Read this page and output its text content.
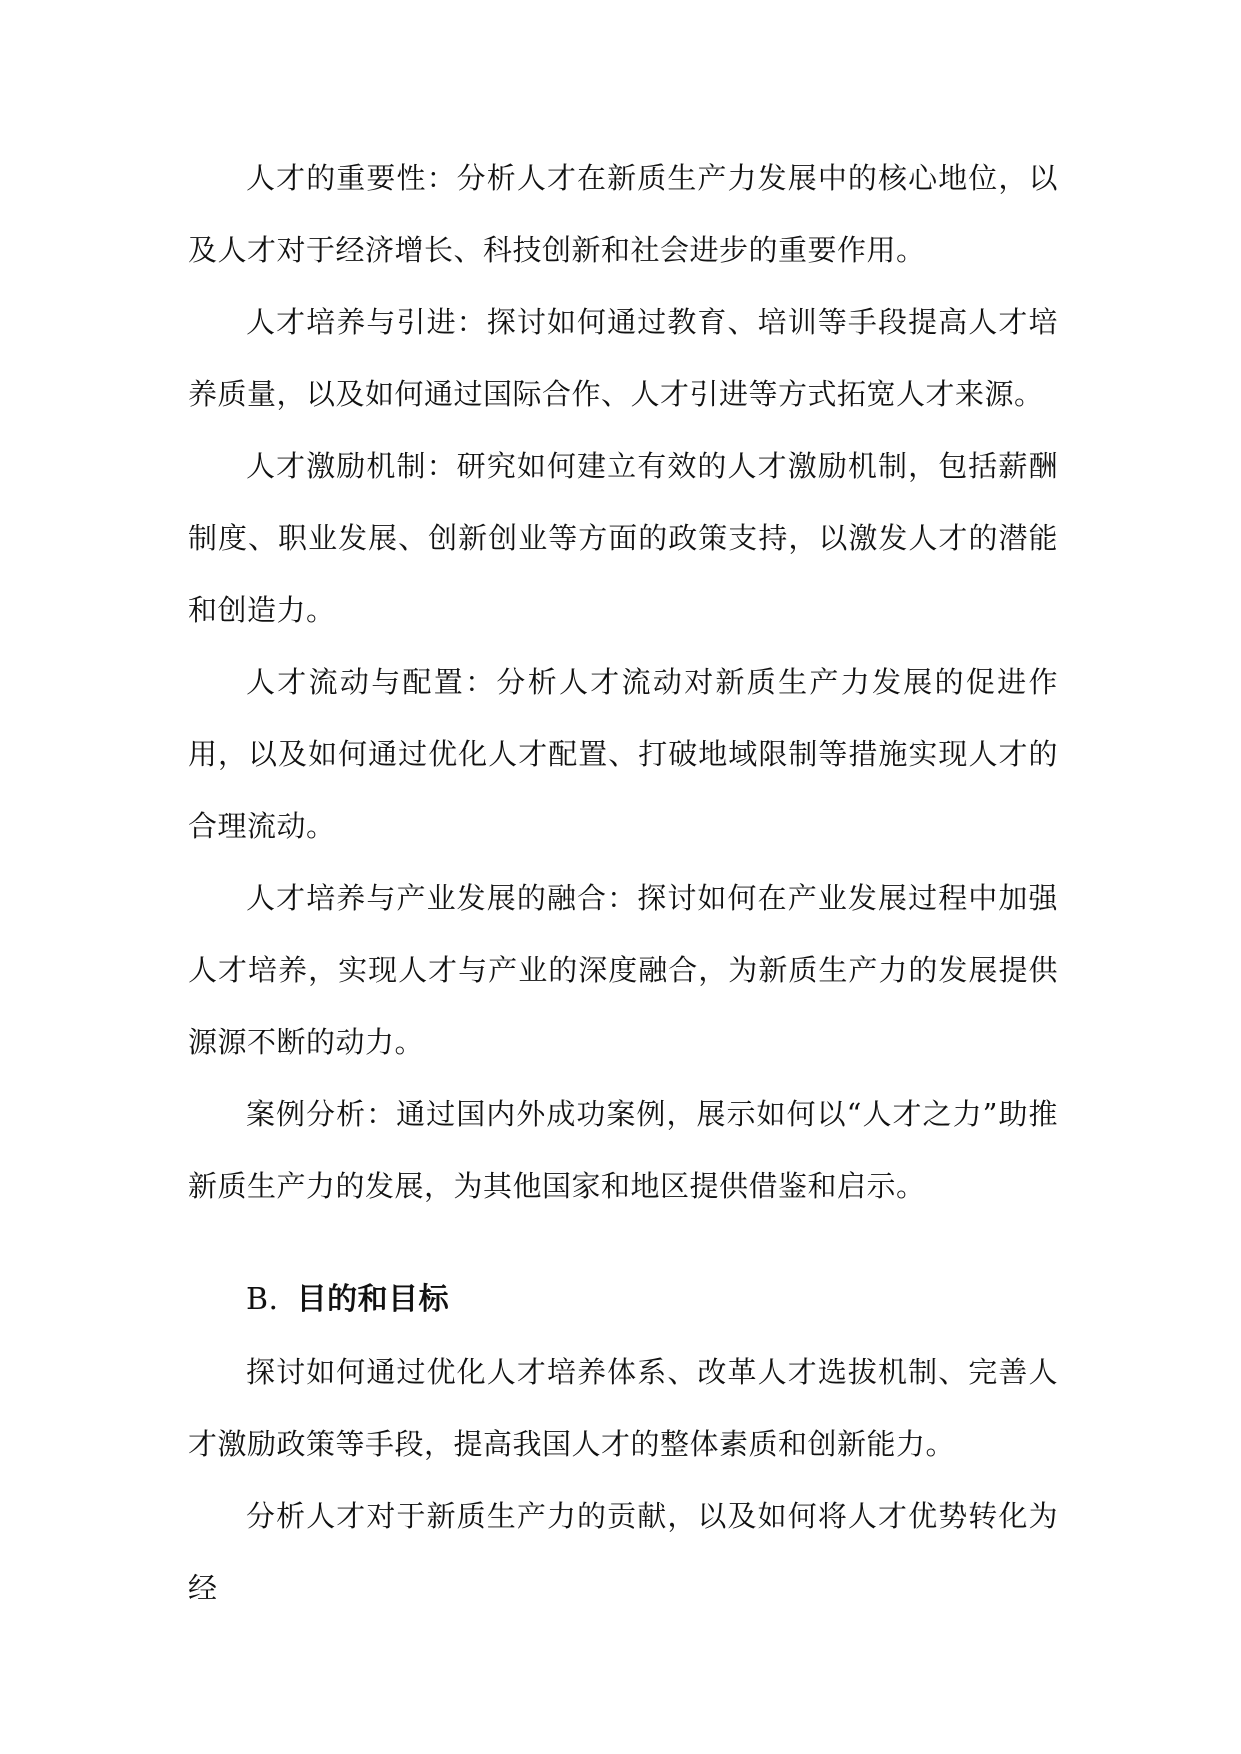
人才的重要性：分析人才在新质生产力发展中的核心地位，以及人才对于经济增长、科技创新和社会进步的重要作用。

人才培养与引进：探讨如何通过教育、培训等手段提高人才培养质量，以及如何通过国际合作、人才引进等方式拓宽人才来源。

人才激励机制：研究如何建立有效的人才激励机制，包括薪酬制度、职业发展、创新创业等方面的政策支持，以激发人才的潜能和创造力。

人才流动与配置：分析人才流动对新质生产力发展的促进作用，以及如何通过优化人才配置、打破地域限制等措施实现人才的合理流动。

人才培养与产业发展的融合：探讨如何在产业发展过程中加强人才培养，实现人才与产业的深度融合，为新质生产力的发展提供源源不断的动力。

案例分析：通过国内外成功案例，展示如何以“人才之力”助推新质生产力的发展，为其他国家和地区提供借鉴和启示。

B. 目的和目标

探讨如何通过优化人才培养体系、改革人才选拔机制、完善人才激励政策等手段，提高我国人才的整体素质和创新能力。

分析人才对于新质生产力的贡献，以及如何将人才优势转化为经
